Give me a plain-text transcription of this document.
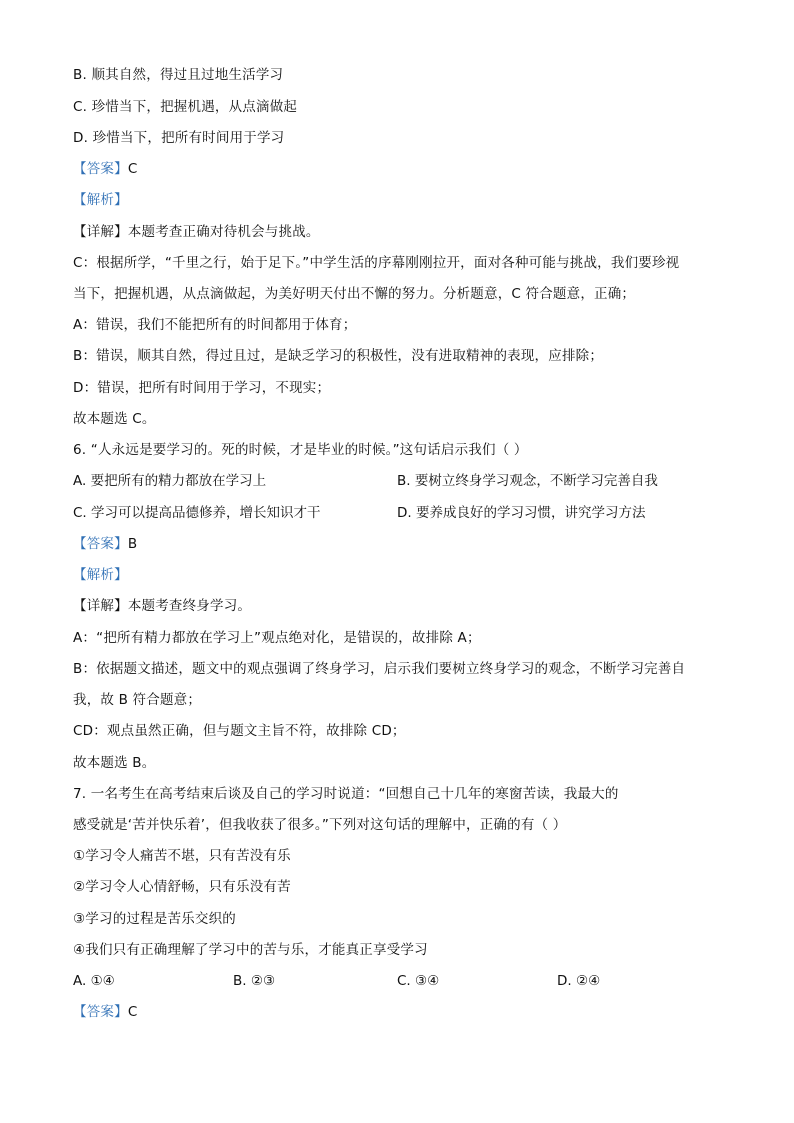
B. 顺其自然，得过且过地生活学习
C. 珍惜当下，把握机遇，从点滴做起
D. 珍惜当下，把所有时间用于学习
【答案】C
【解析】
【详解】本题考查正确对待机会与挑战。
C：根据所学，“千里之行，始于足下。”中学生活的序幕刚刚拉开，面对各种可能与挑战，我们要珍视
当下，把握机遇，从点滴做起，为美好明天付出不懈的努力。分析题意，C 符合题意，正确；
A：错误，我们不能把所有的时间都用于体育；
B：错误，顺其自然，得过且过，是缺乏学习的积极性，没有进取精神的表现，应排除；
D：错误，把所有时间用于学习，不现实；
故本题选 C。
6. “人永远是要学习的。死的时候，才是毕业的时候。”这句话启示我们（ ）
A. 要把所有的精力都放在学习上	B. 要树立终身学习观念，不断学习完善自我
C. 学习可以提高品德修养，增长知识才干	D. 要养成良好的学习习惯，讲究学习方法
【答案】B
【解析】
【详解】本题考查终身学习。
A：“把所有精力都放在学习上”观点绝对化，是错误的，故排除 A；
B：依据题文描述，题文中的观点强调了终身学习，启示我们要树立终身学习的观念，不断学习完善自
我，故 B 符合题意；
CD：观点虽然正确，但与题文主旨不符，故排除 CD；
故本题选 B。
7. 一名考生在高考结束后谈及自己的学习时说道：“回想自己十几年的寒窗苦读，我最大的
感受就是‘苦并快乐着’，但我收获了很多。”下列对这句话的理解中，正确的有（ ）
①学习令人痛苦不堪，只有苦没有乐
②学习令人心情舒畅，只有乐没有苦
③学习的过程是苦乐交织的
④我们只有正确理解了学习中的苦与乐，才能真正享受学习
A. ①④	B. ②③	C. ③④	D. ②④
【答案】C
